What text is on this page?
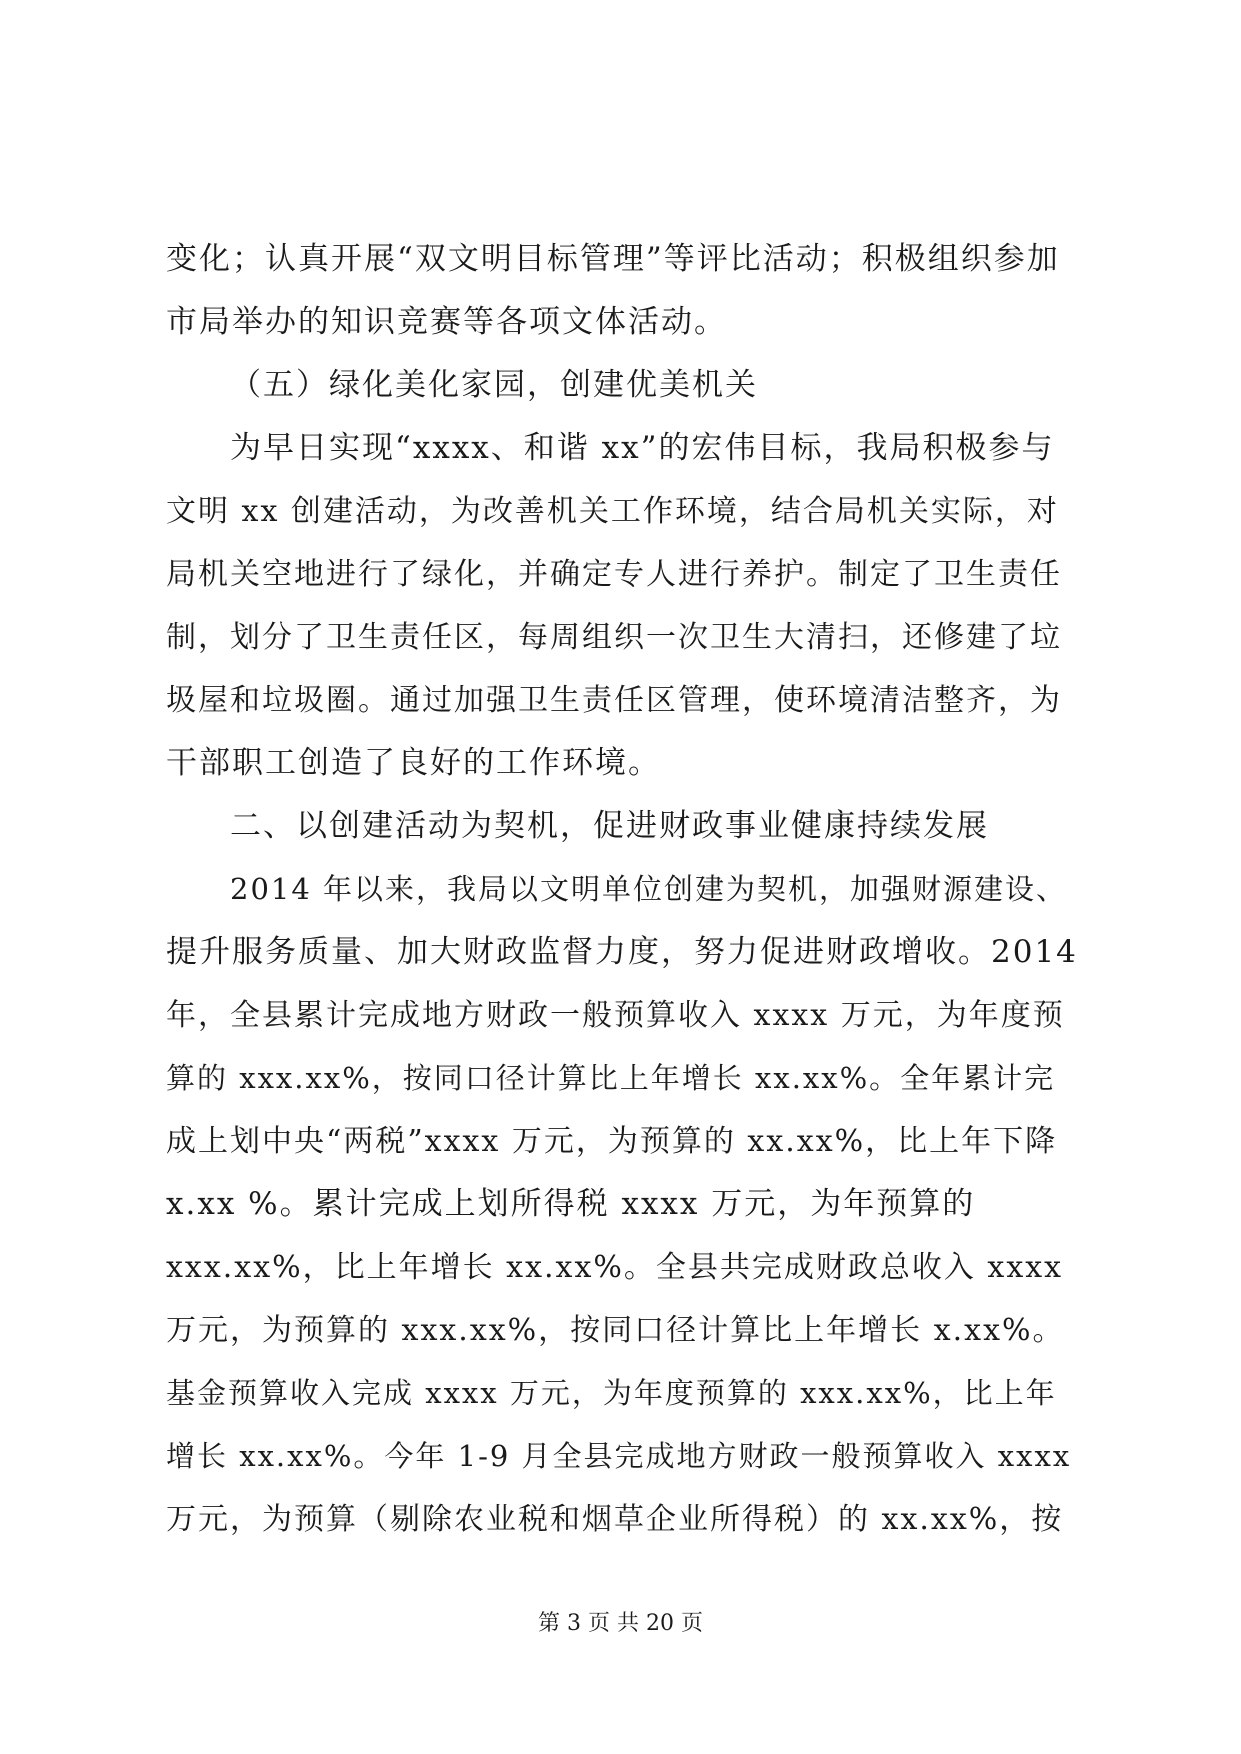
变化；认真开展“双文明目标管理”等评比活动；积极组织参加
市局举办的知识竞赛等各项文体活动。
（五）绿化美化家园，创建优美机关
为早日实现“xxxx、和谐 xx”的宏伟目标，我局积极参与
文明 xx 创建活动，为改善机关工作环境，结合局机关实际，对
局机关空地进行了绿化，并确定专人进行养护。制定了卫生责任
制，划分了卫生责任区，每周组织一次卫生大清扫，还修建了垃
圾屋和垃圾圈。通过加强卫生责任区管理，使环境清洁整齐，为
干部职工创造了良好的工作环境。
二、以创建活动为契机，促进财政事业健康持续发展
2014 年以来，我局以文明单位创建为契机，加强财源建设、
提升服务质量、加大财政监督力度，努力促进财政增收。2014
年，全县累计完成地方财政一般预算收入 xxxx 万元，为年度预
算的 xxx.xx%，按同口径计算比上年增长 xx.xx%。全年累计完
成上划中央“两税”xxxx 万元，为预算的 xx.xx%，比上年下降
x.xx %。累计完成上划所得税 xxxx 万元，为年预算的
xxx.xx%，比上年增长 xx.xx%。全县共完成财政总收入 xxxx
万元，为预算的 xxx.xx%，按同口径计算比上年增长 x.xx%。
基金预算收入完成 xxxx 万元，为年度预算的 xxx.xx%，比上年
增长 xx.xx%。今年 1-9 月全县完成地方财政一般预算收入 xxxx
万元，为预算（剔除农业税和烟草企业所得税）的 xx.xx%，按
第 3 页 共 20 页
